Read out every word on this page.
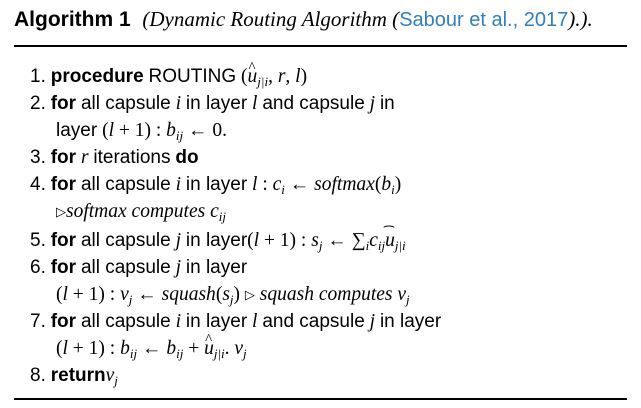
Algorithm 1 (Dynamic Routing Algorithm (Sabour et al., 2017).).
1. procedure ROUTING (^ $u_{j|i}$, r, l)
2. for all capsule i in layer l and capsule j in
layer (l + 1) : $b_{ij}$ ← 0.
3. for r iterations do
4. for all capsule i in layer l : $c_i$ ← $softmax(b_i)$
▷softmax computes $c_{ij}$
5. for all capsule j in layer(l + 1) : $s_j$ ← $\sum_ic_{ij}⌢$ $u_{j|i}$
6. for all capsule j in layer
(l + 1) : $v_j$ ← $squash(s_j)$ ▷ squash computes $v_j$
7. for all capsule i in layer l and capsule j in layer
(l + 1) : $b_{ij}$ ← $b_{ij}$ + ^ $u_{j|i}$. $v_j$
8. returnv$_j$
